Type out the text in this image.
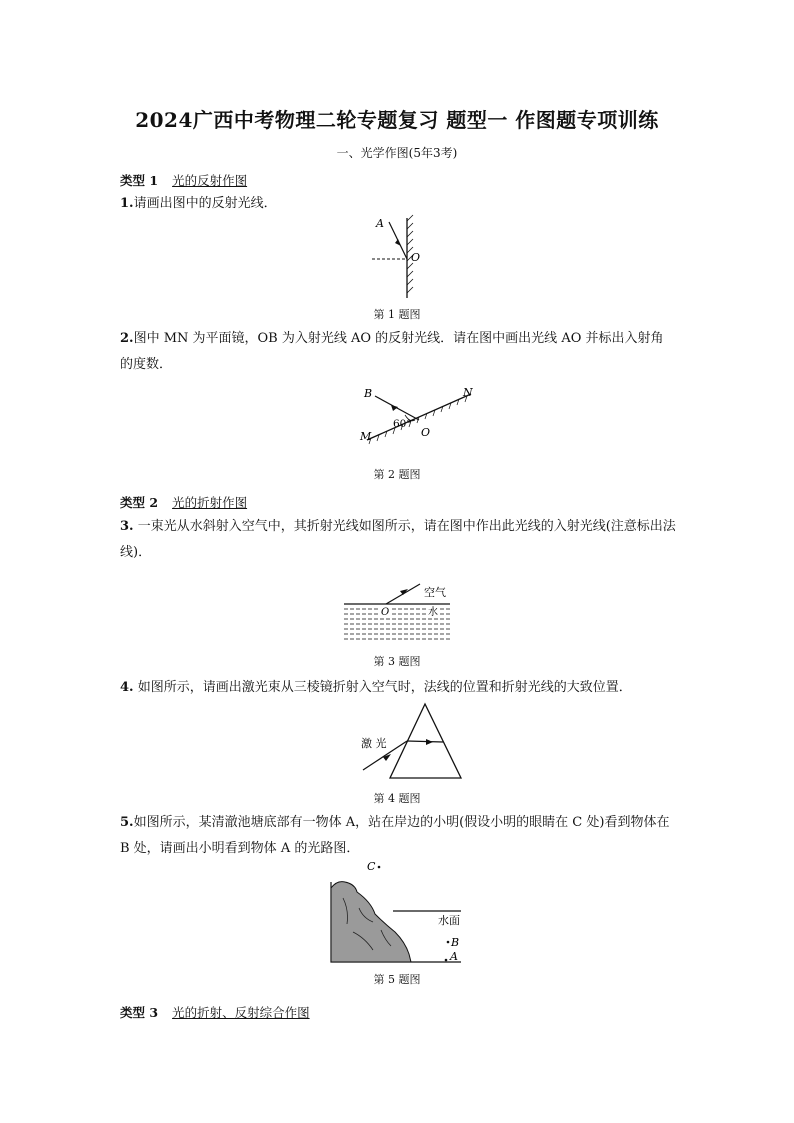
2024广西中考物理二轮专题复习 题型一 作图题专项训练
一、光学作图(5年3考)
类型 1 光的反射作图
1.请画出图中的反射光线．
A
O
第 1 题图
2.图中 MN 为平面镜，OB 为入射光线 AO 的反射光线．请在图中画出光线 AO 并标出入射角的度数．
B	N
M	O
60°
第 2 题图
类型 2 光的折射作图
3. 一束光从水斜射入空气中，其折射光线如图所示，请在图中作出此光线的入射光线(注意标出法线)．
空气
水
O
第 3 题图
4. 如图所示，请画出激光束从三棱镜折射入空气时，法线的位置和折射光线的大致位置．
激 光
第 4 题图
5.如图所示，某清澈池塘底部有一物体 A，站在岸边的小明(假设小明的眼睛在 C 处)看到物体在 B 处，请画出小明看到物体 A 的光路图．
C
水面
B
A
第 5 题图
类型 3 光的折射、反射综合作图
